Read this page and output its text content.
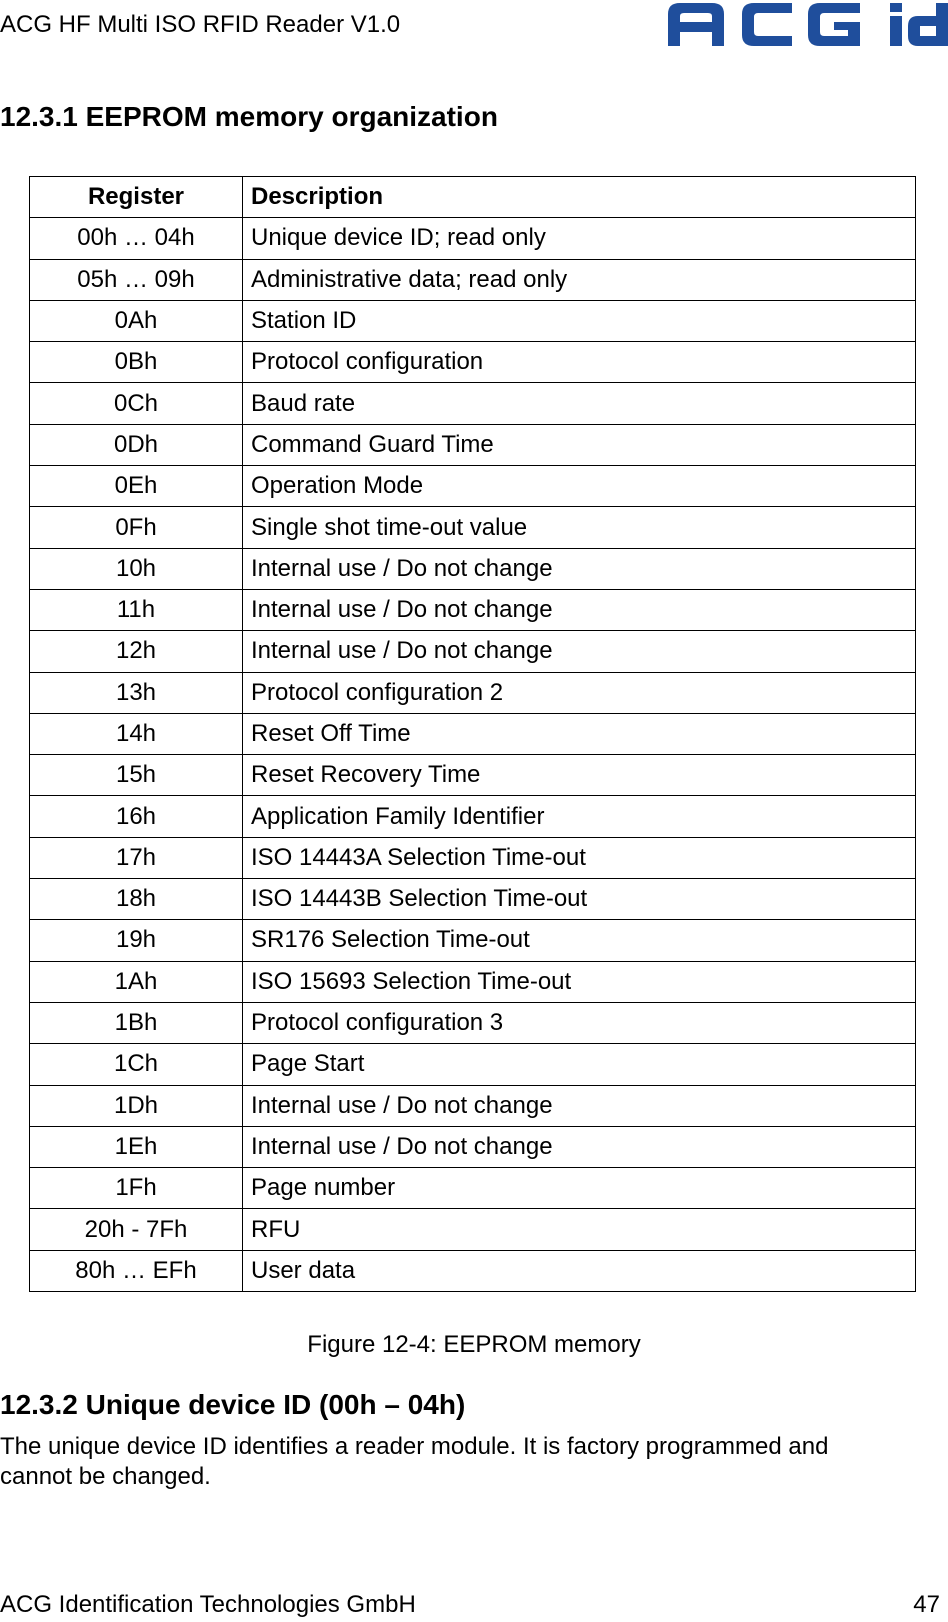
ACG HF Multi ISO RFID Reader V1.0
12.3.1 EEPROM memory organization
Register	Description
00h … 04h	Unique device ID; read only
05h … 09h	Administrative data; read only
0Ah	Station ID
0Bh	Protocol configuration
0Ch	Baud rate
0Dh	Command Guard Time
0Eh	Operation Mode
0Fh	Single shot time-out value
10h	Internal use / Do not change
11h	Internal use / Do not change
12h	Internal use / Do not change
13h	Protocol configuration 2
14h	Reset Off Time
15h	Reset Recovery Time
16h	Application Family Identifier
17h	ISO 14443A Selection Time-out
18h	ISO 14443B Selection Time-out
19h	SR176 Selection Time-out
1Ah	ISO 15693 Selection Time-out
1Bh	Protocol configuration 3
1Ch	Page Start
1Dh	Internal use / Do not change
1Eh	Internal use / Do not change
1Fh	Page number
20h - 7Fh	RFU
80h … EFh	User data
Figure 12-4: EEPROM memory
12.3.2 Unique device ID (00h – 04h)
The unique device ID identifies a reader module. It is factory programmed and cannot be changed.
ACG Identification Technologies GmbH	47
